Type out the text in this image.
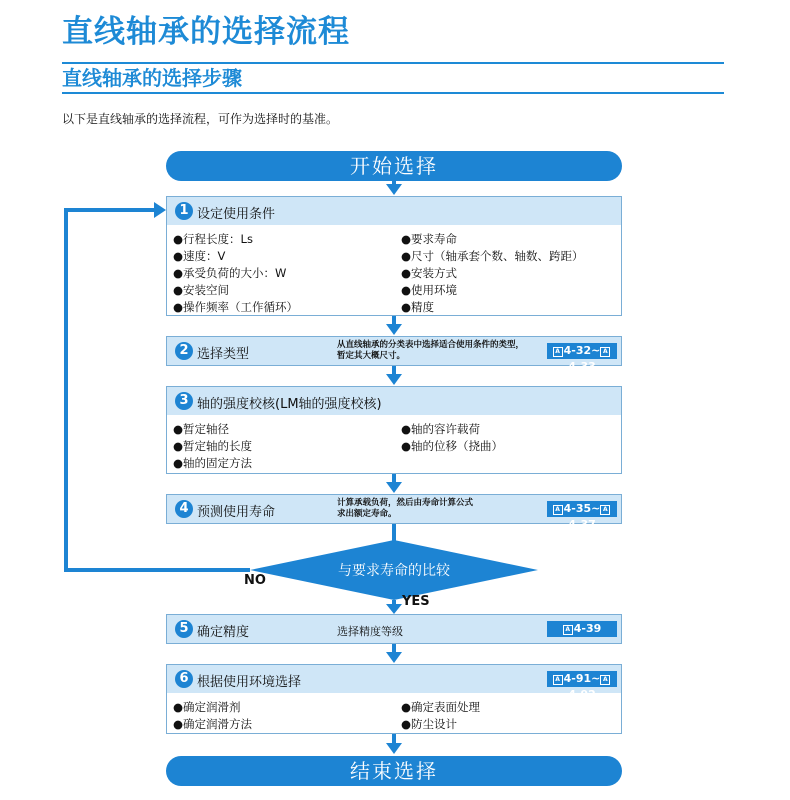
直线轴承的选择流程
直线轴承的选择步骤
以下是直线轴承的选择流程，可作为选择时的基准。
开始选择
1 设定使用条件
●行程长度：Ls
●速度：V
●承受负荷的大小：W
●安装空间
●操作频率（工作循环）
●要求寿命
●尺寸（轴承套个数、轴数、跨距）
●安装方式
●使用环境
●精度
2 选择类型
从直线轴承的分类表中选择适合使用条件的类型，
暂定其大概尺寸。	A 4-32~ A4-33
3 轴的强度校核(LM轴的强度校核)
●暂定轴径
●暂定轴的长度
●轴的固定方法
●轴的容许载荷
●轴的位移（挠曲）
4 预测使用寿命
计算承载负荷，然后由寿命计算公式
求出额定寿命。	A 4-35~ A4-37
与要求寿命的比较
NO
YES
5 确定精度	选择精度等级	A 4-39
6 根据使用环境选择	A 4-91~ A4-92
●确定润滑剂
●确定润滑方法
●确定表面处理
●防尘设计
结束选择
